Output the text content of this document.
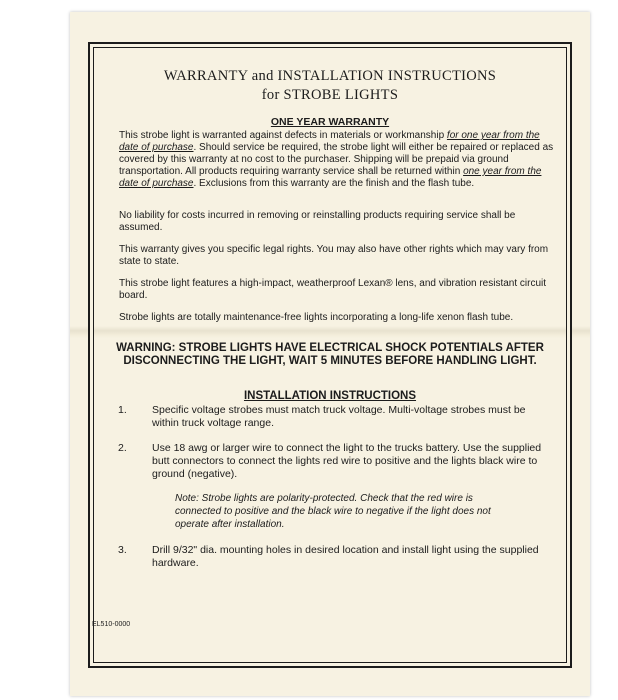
WARRANTY and INSTALLATION INSTRUCTIONS
for STROBE LIGHTS
ONE YEAR WARRANTY
This strobe light is warranted against defects in materials or workmanship for one year from the date of purchase. Should service be required, the strobe light will either be repaired or replaced as covered by this warranty at no cost to the purchaser. Shipping will be prepaid via ground transportation. All products requiring warranty service shall be returned within one year from the date of purchase. Exclusions from this warranty are the finish and the flash tube.
No liability for costs incurred in removing or reinstalling products requiring service shall be assumed.
This warranty gives you specific legal rights. You may also have other rights which may vary from state to state.
This strobe light features a high-impact, weatherproof Lexan® lens, and vibration resistant circuit board.
Strobe lights are totally maintenance-free lights incorporating a long-life xenon flash tube.
WARNING: STROBE LIGHTS HAVE ELECTRICAL SHOCK POTENTIALS AFTER DISCONNECTING THE LIGHT, WAIT 5 MINUTES BEFORE HANDLING LIGHT.
INSTALLATION INSTRUCTIONS
1. Specific voltage strobes must match truck voltage. Multi-voltage strobes must be within truck voltage range.
2. Use 18 awg or larger wire to connect the light to the trucks battery. Use the supplied butt connectors to connect the lights red wire to positive and the lights black wire to ground (negative).
Note: Strobe lights are polarity-protected. Check that the red wire is connected to positive and the black wire to negative if the light does not operate after installation.
3. Drill 9/32" dia. mounting holes in desired location and install light using the supplied hardware.
EL510-0000
